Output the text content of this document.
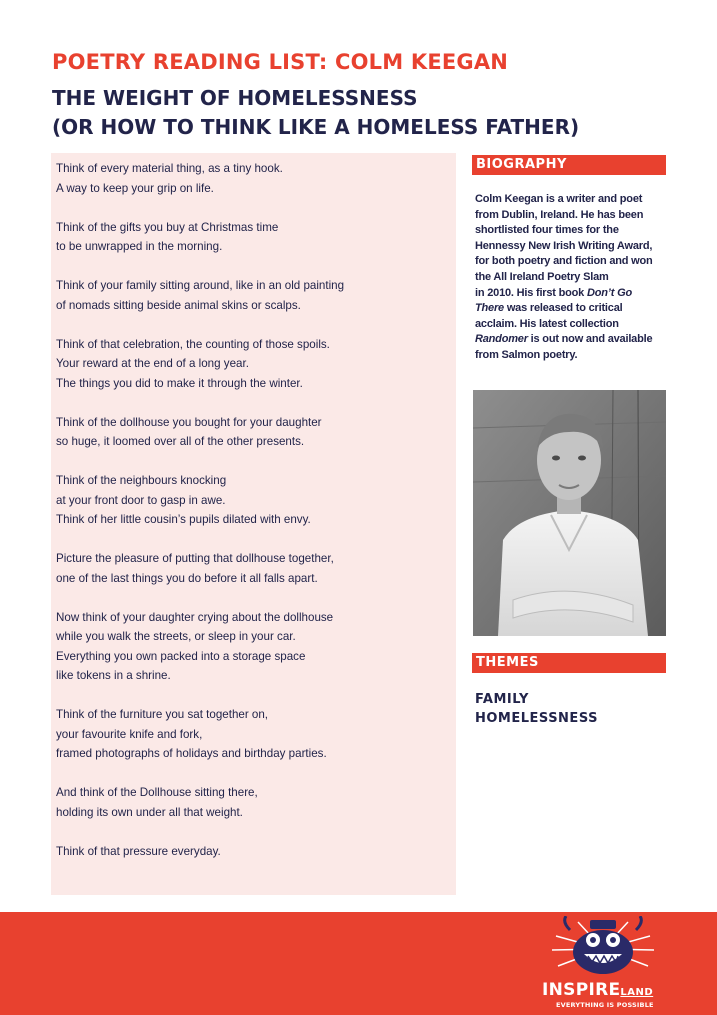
POETRY READING LIST: COLM KEEGAN
THE WEIGHT OF HOMELESSNESS
(OR HOW TO THINK LIKE A HOMELESS FATHER)
Think of every material thing, as a tiny hook.
A way to keep your grip on life.
Think of the gifts you buy at Christmas time
to be unwrapped in the morning.
Think of your family sitting around, like in an old painting
of nomads sitting beside animal skins or scalps.
Think of that celebration, the counting of those spoils.
Your reward at the end of a long year.
The things you did to make it through the winter.
Think of the dollhouse you bought for your daughter
so huge, it loomed over all of the other presents.
Think of the neighbours knocking
at your front door to gasp in awe.
Think of her little cousin’s pupils dilated with envy.
Picture the pleasure of putting that dollhouse together,
one of the last things you do before it all falls apart.
Now think of your daughter crying about the dollhouse
while you walk the streets, or sleep in your car.
Everything you own packed into a storage space
like tokens in a shrine.
Think of the furniture you sat together on,
your favourite knife and fork,
framed photographs of holidays and birthday parties.
And think of the Dollhouse sitting there,
holding its own under all that weight.
Think of that pressure everyday.
BIOGRAPHY
Colm Keegan is a writer and poet
from Dublin, Ireland. He has been
shortlisted four times for the
Hennessy New Irish Writing Award,
for both poetry and fiction and won
the All Ireland Poetry Slam
in 2010. His first book Don’t Go
There was released to critical
acclaim. His latest collection
Randomer is out now and available
from Salmon poetry.
THEMES
FAMILY
HOMELESSNESS
INSPIRELAND
EVERYTHING IS POSSIBLE
